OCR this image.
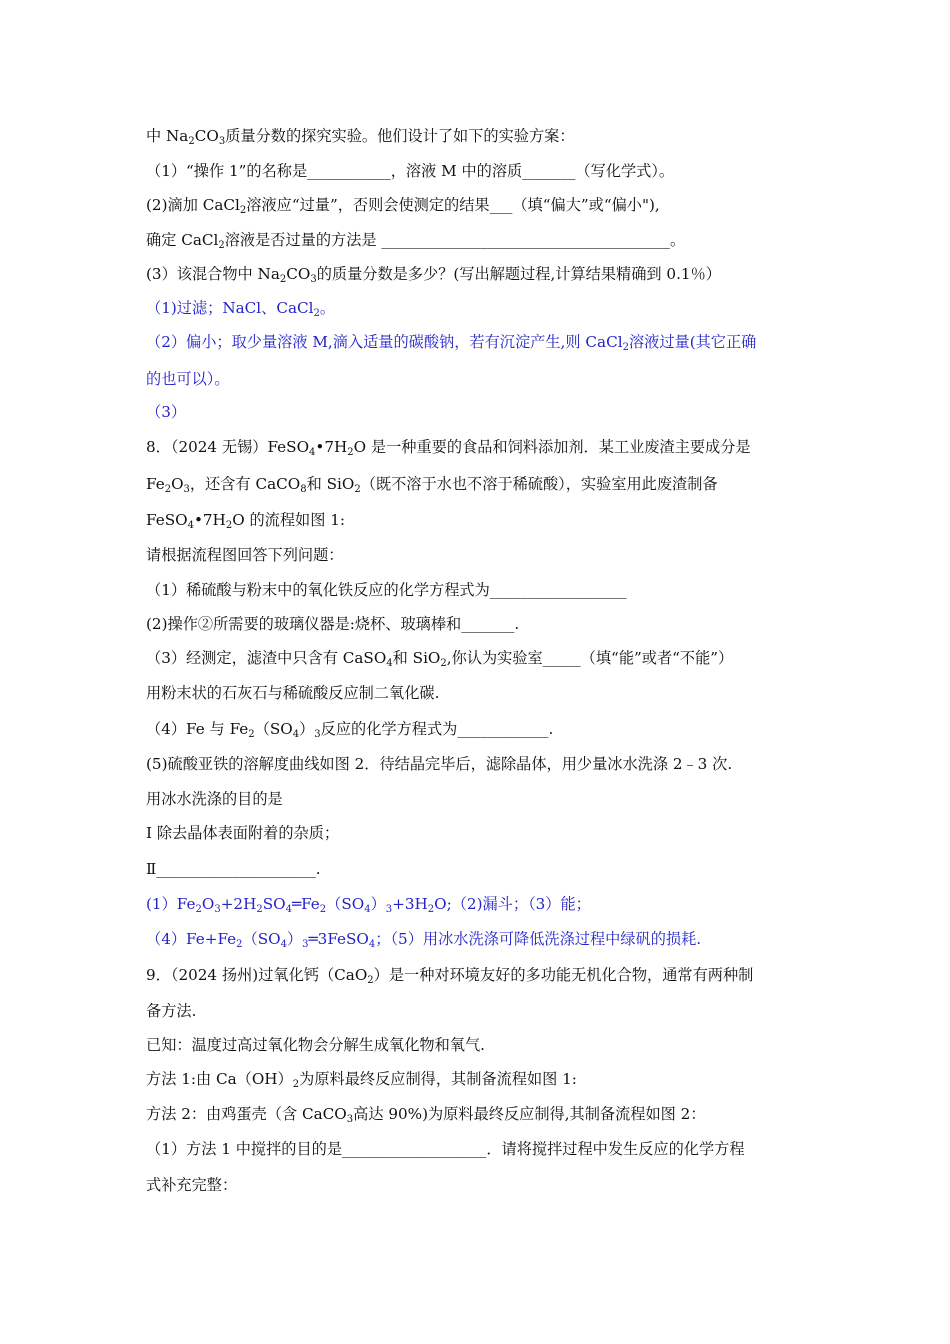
中 $Na_2CO_3$质量分数的探究实验。他们设计了如下的实验方案：
（1）“操作 1”的名称是___________，溶液 M 中的溶质_______（写化学式）。
(2)滴加 CaCl$_2$溶液应“过量”，否则会使测定的结果___（填“偏大”或“偏小"),
确定 CaCl$_2$溶液是否过量的方法是 ______________________________________。
(3）该混合物中 $Na_2CO_3$的质量分数是多少？(写出解题过程,计算结果精确到 0.1％）
（1)过滤；NaCl、CaCl$_2$。
（2）偏小；取少量溶液 M,滴入适量的碳酸钠，若有沉淀产生,则 CaCl$_2$溶液过量(其它正确
的也可以）。
（3）
8．（2024 无锡）$FeSO_4•7H_2O$ 是一种重要的食品和饲料添加剂．某工业废渣主要成分是
$Fe_2O_3$，还含有 CaCO$_8$和 SiO$_2$（既不溶于水也不溶于稀硫酸），实验室用此废渣制备
$FeSO_4•7H_2O$ 的流程如图 1:
请根据流程图回答下列问题：
（1）稀硫酸与粉末中的氧化铁反应的化学方程式为__________________
(2)操作②所需要的玻璃仪器是:烧杯、玻璃棒和_______.
（3）经测定，滤渣中只含有 CaSO$_4$和 SiO$_2$,你认为实验室_____（填“能”或者“不能”）
用粉末状的石灰石与稀硫酸反应制二氧化碳.
（4）Fe 与 $Fe_2(SO_4)_3$反应的化学方程式为____________.
(5)硫酸亚铁的溶解度曲线如图 2．待结晶完毕后，滤除晶体，用少量冰水洗涤 2﹣3 次.
用冰水洗涤的目的是
Ⅰ 除去晶体表面附着的杂质；
Ⅱ_____________________.
$(1)Fe_2O_3+2H_2SO_4═Fe_2(SO_4)_3+3H_2O;(2)$漏斗；（3）能；
$(4)Fe+Fe_2(SO_4)_3═3FeSO_4$；（5）用冰水洗涤可降低洗涤过程中绿矾的损耗.
9．（2024 扬州)过氧化钙（CaO$_2$）是一种对环境友好的多功能无机化合物，通常有两种制
备方法.
已知：温度过高过氧化物会分解生成氧化物和氧气.
方法 1:由 $Ca(OH)_2$为原料最终反应制得，其制备流程如图 1:
方法 2：由鸡蛋壳（含 CaCO$_3$高达 90%)为原料最终反应制得,其制备流程如图 2：
（1）方法 1 中搅拌的目的是___________________．请将搅拌过程中发生反应的化学方程
式补充完整：
